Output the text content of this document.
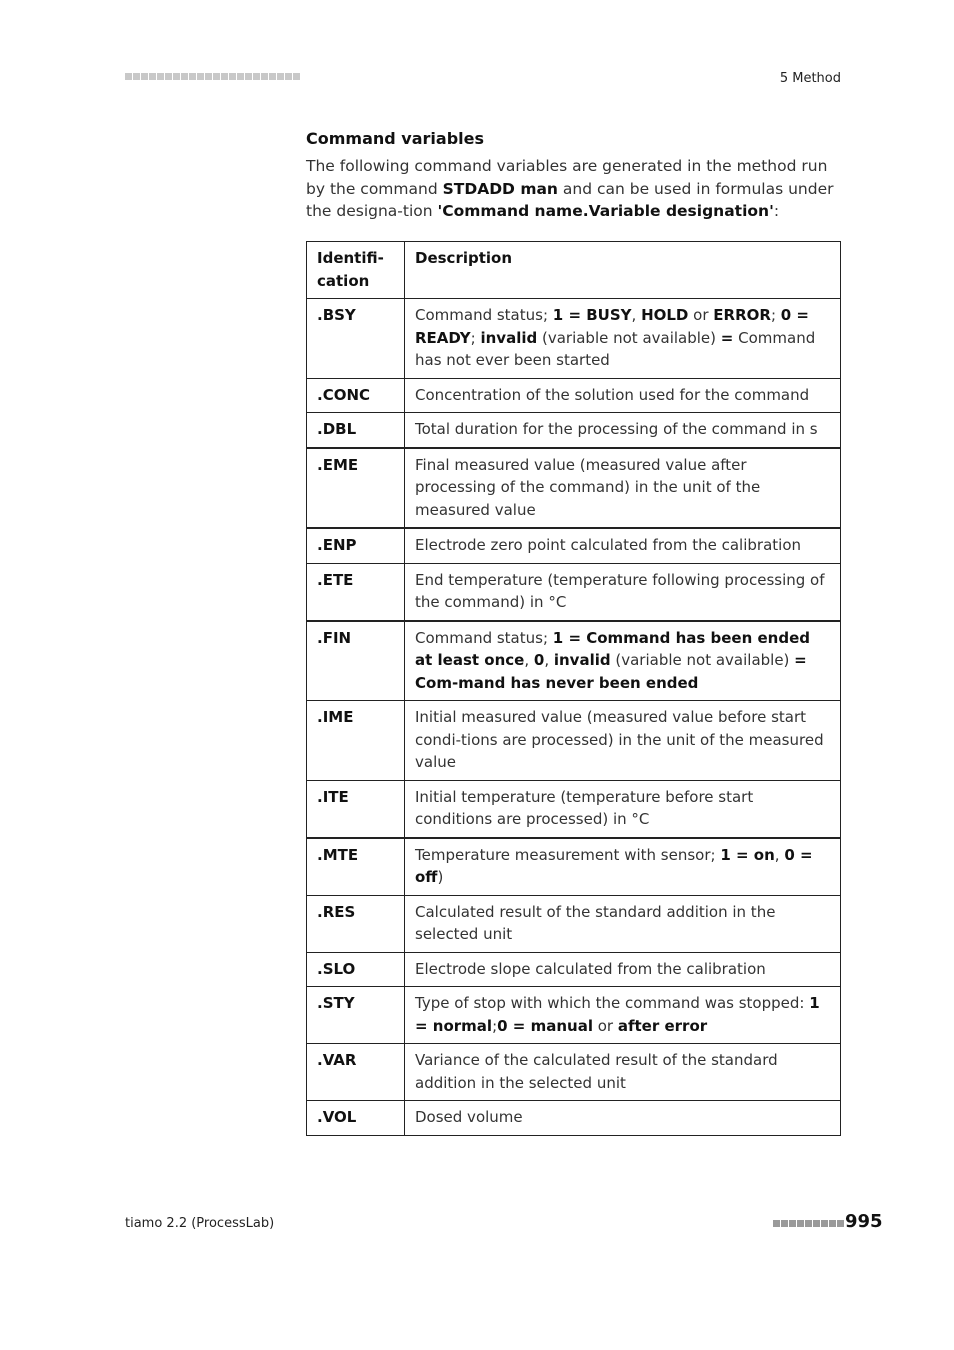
5 Method
Command variables
The following command variables are generated in the method run by the command STDADD man and can be used in formulas under the designa-tion 'Command name.Variable designation':
Identifi-cation	Description
.BSY	Command status; 1 = BUSY, HOLD or ERROR; 0 = READY; invalid (variable not available) = Command has not ever been started
.CONC	Concentration of the solution used for the command
.DBL	Total duration for the processing of the command in s
.EME	Final measured value (measured value after processing of the command) in the unit of the measured value
.ENP	Electrode zero point calculated from the calibration
.ETE	End temperature (temperature following processing of the command) in °C
.FIN	Command status; 1 = Command has been ended at least once, 0, invalid (variable not available) = Com-mand has never been ended
.IME	Initial measured value (measured value before start condi-tions are processed) in the unit of the measured value
.ITE	Initial temperature (temperature before start conditions are processed) in °C
.MTE	Temperature measurement with sensor; 1 = on, 0 = off)
.RES	Calculated result of the standard addition in the selected unit
.SLO	Electrode slope calculated from the calibration
.STY	Type of stop with which the command was stopped: 1 = normal;0 = manual or after error
.VAR	Variance of the calculated result of the standard addition in the selected unit
.VOL	Dosed volume
tiamo 2.2 (ProcessLab)	995
